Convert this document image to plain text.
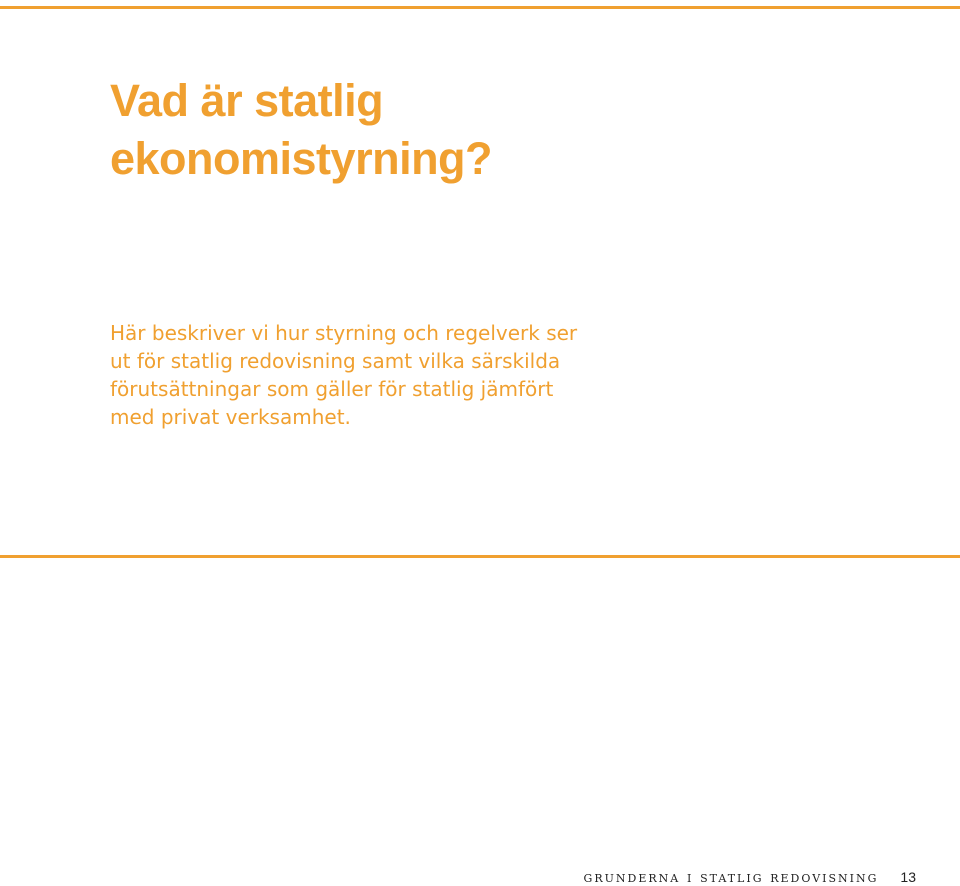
Vad är statlig
ekonomistyrning?

Här beskriver vi hur styrning och regelverk ser
ut för statlig redovisning samt vilka särskilda
förutsättningar som gäller för statlig jämfört
med privat verksamhet.

grunderna i statlig redovisning 13
